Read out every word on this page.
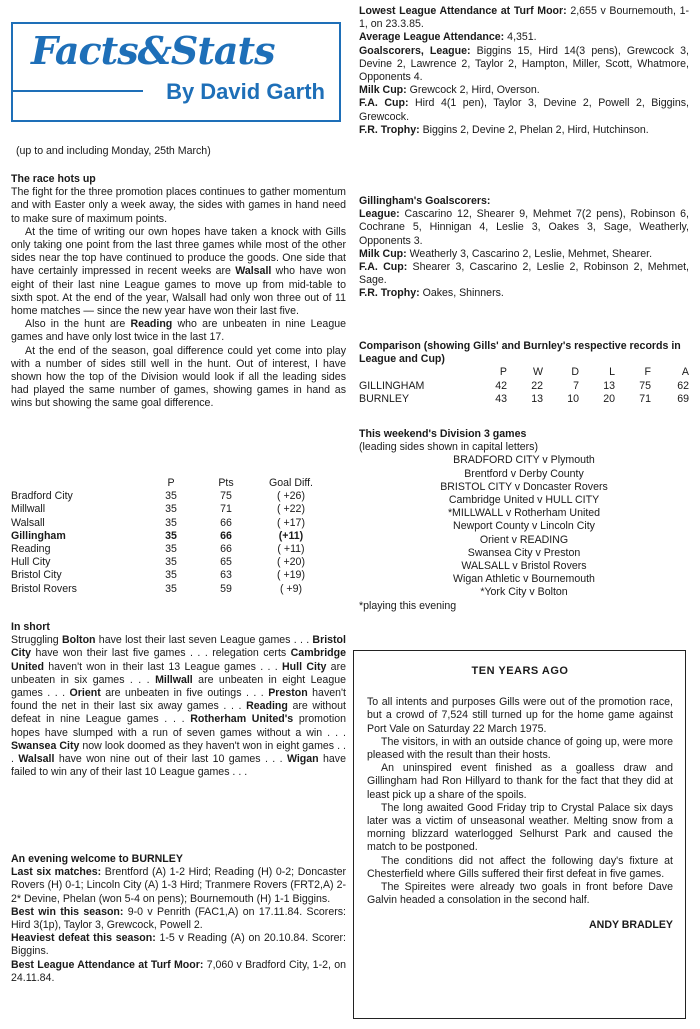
Facts&Stats
By David Garth

(up to and including Monday, 25th March)

The race hots up

The fight for the three promotion places continues to gather momentum and with Easter only a week away, the sides with games in hand need to make sure of maximum points.

At the time of writing our own hopes have taken a knock with Gills only taking one point from the last three games while most of the other sides near the top have continued to produce the goods. One side that have certainly impressed in recent weeks are Walsall who have won eight of their last nine League games to move up from mid-table to sixth spot. At the end of the year, Walsall had only won three out of 11 home matches — since the new year have won their last five.

Also in the hunt are Reading who are unbeaten in nine League games and have only lost twice in the last 17.

At the end of the season, goal difference could yet come into play with a number of sides still well in the hunt. Out of interest, I have shown how the top of the Division would look if all the leading sides had played the same number of games, showing games in hand as wins but showing the same goal difference.

	P	Pts	Goal Diff.
Bradford City	35	75	( +26)
Millwall	35	71	( +22)
Walsall	35	66	( +17)
Gillingham	35	66	(+11)
Reading	35	66	( +11)
Hull City	35	65	( +20)
Bristol City	35	63	( +19)
Bristol Rovers	35	59	( +9)
In short

Struggling Bolton have lost their last seven League games . . . Bristol City have won their last five games . . . relegation certs Cambridge United haven't won in their last 13 League games . . . Hull City are unbeaten in six games . . . Millwall are unbeaten in eight League games . . . Orient are unbeaten in five outings . . . Preston haven't found the net in their last six away games . . . Reading are without defeat in nine League games . . . Rotherham United's promotion hopes have slumped with a run of seven games without a win . . . Swansea City now look doomed as they haven't won in eight games . . . Walsall have won nine out of their last 10 games . . . Wigan have failed to win any of their last 10 League games . . .

An evening welcome to BURNLEY

Last six matches: Brentford (A) 1-2 Hird; Reading (H) 0-2; Doncaster Rovers (H) 0-1; Lincoln City (A) 1-3 Hird; Tranmere Rovers (FRT2,A) 2-2* Devine, Phelan (won 5-4 on pens); Bournemouth (H) 1-1 Biggins.

Best win this season: 9-0 v Penrith (FAC1,A) on 17.11.84. Scorers: Hird 3(1p), Taylor 3, Grewcock, Powell 2.

Heaviest defeat this season: 1-5 v Reading (A) on 20.10.84. Scorer: Biggins.

Best League Attendance at Turf Moor: 7,060 v Bradford City, 1-2, on 24.11.84.

Lowest League Attendance at Turf Moor: 2,655 v Bournemouth, 1-1, on 23.3.85.

Average League Attendance: 4,351.

Goalscorers, League: Biggins 15, Hird 14(3 pens), Grewcock 3, Devine 2, Lawrence 2, Taylor 2, Hampton, Miller, Scott, Whatmore, Opponents 4.

Milk Cup: Grewcock 2, Hird, Overson.

F.A. Cup: Hird 4(1 pen), Taylor 3, Devine 2, Powell 2, Biggins, Grewcock.

F.R. Trophy: Biggins 2, Devine 2, Phelan 2, Hird, Hutchinson.

Gillingham's Goalscorers:

League: Cascarino 12, Shearer 9, Mehmet 7(2 pens), Robinson 6, Cochrane 5, Hinnigan 4, Leslie 3, Oakes 3, Sage, Weatherly, Opponents 3.

Milk Cup: Weatherly 3, Cascarino 2, Leslie, Mehmet, Shearer.

F.A. Cup: Shearer 3, Cascarino 2, Leslie 2, Robinson 2, Mehmet, Sage.

F.R. Trophy: Oakes, Shinners.

Comparison (showing Gills' and Burnley's respective records in League and Cup)
	P	W	D	L	F	A
GILLINGHAM	42	22	7	13	75	62
BURNLEY	43	13	10	20	71	69
This weekend's Division 3 games

(leading sides shown in capital letters)

BRADFORD CITY v Plymouth
Brentford v Derby County
BRISTOL CITY v Doncaster Rovers
Cambridge United v HULL CITY
*MILLWALL v Rotherham United
Newport County v Lincoln City
Orient v READING
Swansea City v Preston
WALSALL v Bristol Rovers
Wigan Athletic v Bournemouth
*York City v Bolton

*playing this evening

TEN YEARS AGO

To all intents and purposes Gills were out of the promotion race, but a crowd of 7,524 still turned up for the home game against Port Vale on Saturday 22 March 1975.

The visitors, in with an outside chance of going up, were more pleased with the result than their hosts.

An uninspired event finished as a goalless draw and Gillingham had Ron Hillyard to thank for the fact that they did at least pick up a share of the spoils.

The long awaited Good Friday trip to Crystal Palace six days later was a victim of unseasonal weather. Melting snow from a morning blizzard waterlogged Selhurst Park and caused the match to be postponed.

The conditions did not affect the following day's fixture at Chesterfield where Gills suffered their first defeat in five games.

The Spireites were already two goals in front before Dave Galvin headed a consolation in the second half.

ANDY BRADLEY
